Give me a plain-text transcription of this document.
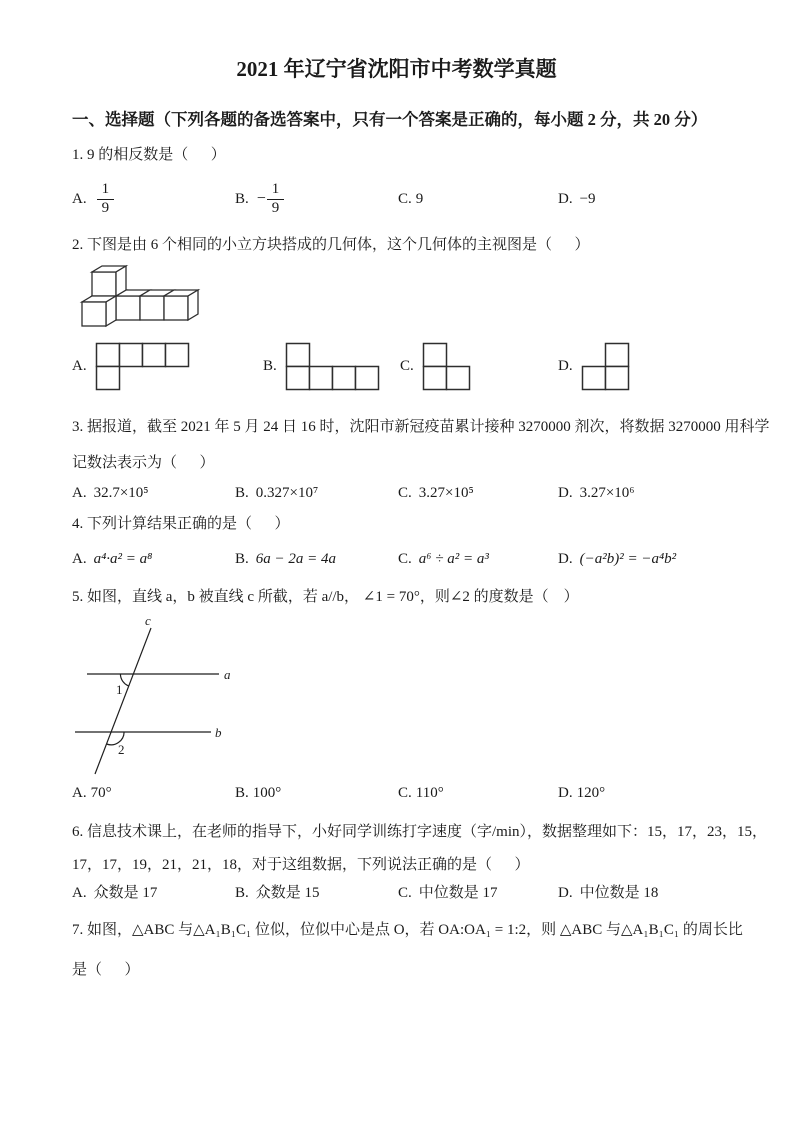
2021 年辽宁省沈阳市中考数学真题
一、选择题（下列各题的备选答案中，只有一个答案是正确的，每小题 2 分，共 20 分）
1. 9 的相反数是（      ）
A. $\frac{1}{9}$	B. − $\frac{1}{9}$	C. 9	D. −9
2. 下图是由 6 个相同的小立方块搭成的几何体，这个几何体的主视图是（      ）
A.	B.	C.	D.
3. 据报道，截至 2021 年 5 月 24 日 16 时，沈阳市新冠疫苗累计接种 3270000 剂次，将数据 3270000 用科学
记数法表示为（      ）
A. 32.7×10⁵	B. 0.327×10⁷	C. 3.27×10⁵	D. 3.27×10⁶
4. 下列计算结果正确的是（      ）
A. a⁴·a² = a⁸	B. 6a − 2a = 4a	C. a⁶ ÷ a² = a³	D. (−a²b)² = −a⁴b²
5. 如图，直线 a，b 被直线 c 所截，若 a//b， ∠1 = 70°，则∠2 的度数是（    ）
a
b
c
1
2
A. 70°	B. 100°	C. 110°	D. 120°
6. 信息技术课上，在老师的指导下，小好同学训练打字速度（字/min），数据整理如下：15，17，23，15，
17，17，19，21，21，18，对于这组数据，下列说法正确的是（      ）
A. 众数是 17	B. 众数是 15	C. 中位数是 17	D. 中位数是 18
7. 如图，△ABC 与△A₁B₁C₁ 位似，位似中心是点 O，若 OA:OA₁ = 1:2，则 △ABC 与△A₁B₁C₁ 的周长比
是（      ）
